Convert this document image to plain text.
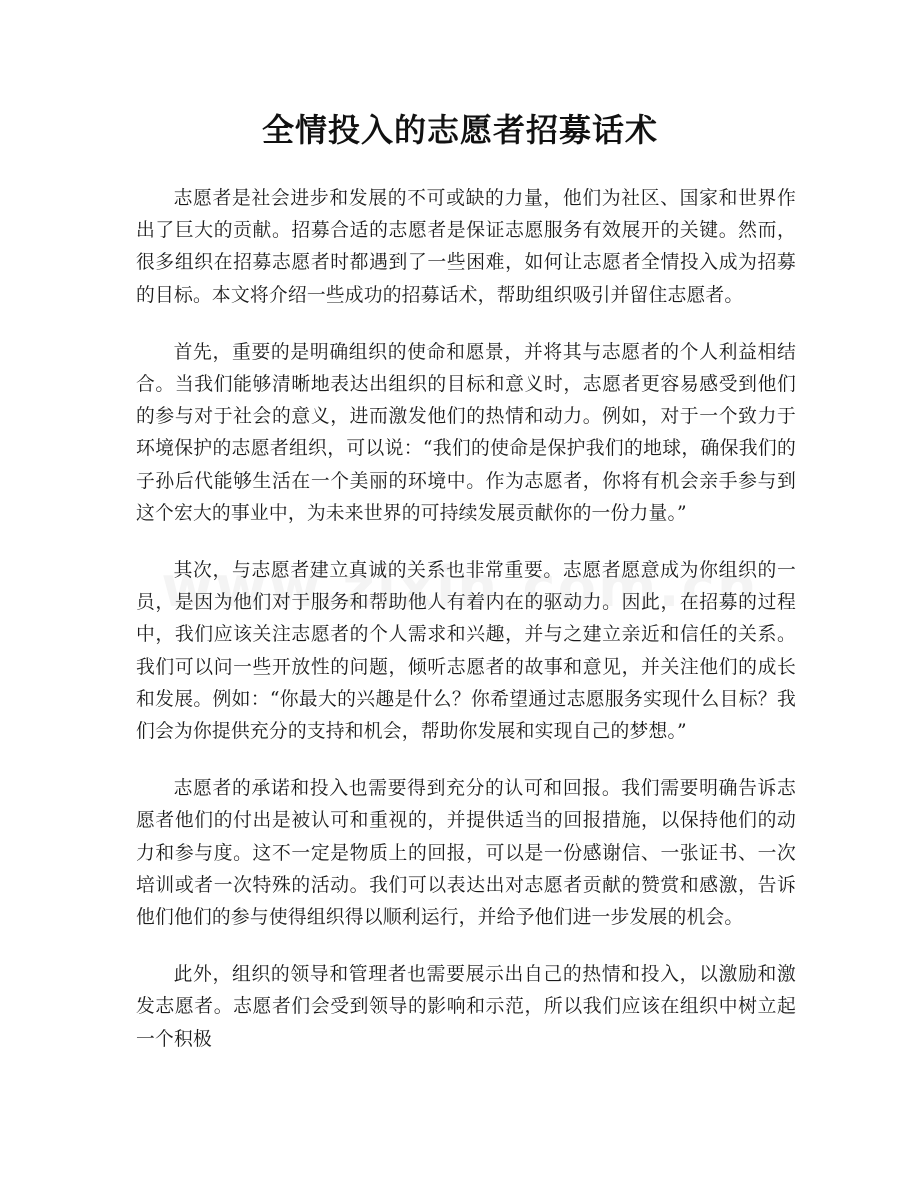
全情投入的志愿者招募话术

志愿者是社会进步和发展的不可或缺的力量，他们为社区、国家和世界作出了巨大的贡献。招募合适的志愿者是保证志愿服务有效展开的关键。然而，很多组织在招募志愿者时都遇到了一些困难，如何让志愿者全情投入成为招募的目标。本文将介绍一些成功的招募话术，帮助组织吸引并留住志愿者。

首先，重要的是明确组织的使命和愿景，并将其与志愿者的个人利益相结合。当我们能够清晰地表达出组织的目标和意义时，志愿者更容易感受到他们的参与对于社会的意义，进而激发他们的热情和动力。例如，对于一个致力于环境保护的志愿者组织，可以说：“我们的使命是保护我们的地球，确保我们的子孙后代能够生活在一个美丽的环境中。作为志愿者，你将有机会亲手参与到这个宏大的事业中，为未来世界的可持续发展贡献你的一份力量。”

其次，与志愿者建立真诚的关系也非常重要。志愿者愿意成为你组织的一员，是因为他们对于服务和帮助他人有着内在的驱动力。因此，在招募的过程中，我们应该关注志愿者的个人需求和兴趣，并与之建立亲近和信任的关系。我们可以问一些开放性的问题，倾听志愿者的故事和意见，并关注他们的成长和发展。例如：“你最大的兴趣是什么？你希望通过志愿服务实现什么目标？我们会为你提供充分的支持和机会，帮助你发展和实现自己的梦想。”

志愿者的承诺和投入也需要得到充分的认可和回报。我们需要明确告诉志愿者他们的付出是被认可和重视的，并提供适当的回报措施，以保持他们的动力和参与度。这不一定是物质上的回报，可以是一份感谢信、一张证书、一次培训或者一次特殊的活动。我们可以表达出对志愿者贡献的赞赏和感激，告诉他们他们的参与使得组织得以顺利运行，并给予他们进一步发展的机会。

此外，组织的领导和管理者也需要展示出自己的热情和投入，以激励和激发志愿者。志愿者们会受到领导的影响和示范，所以我们应该在组织中树立起一个积极
